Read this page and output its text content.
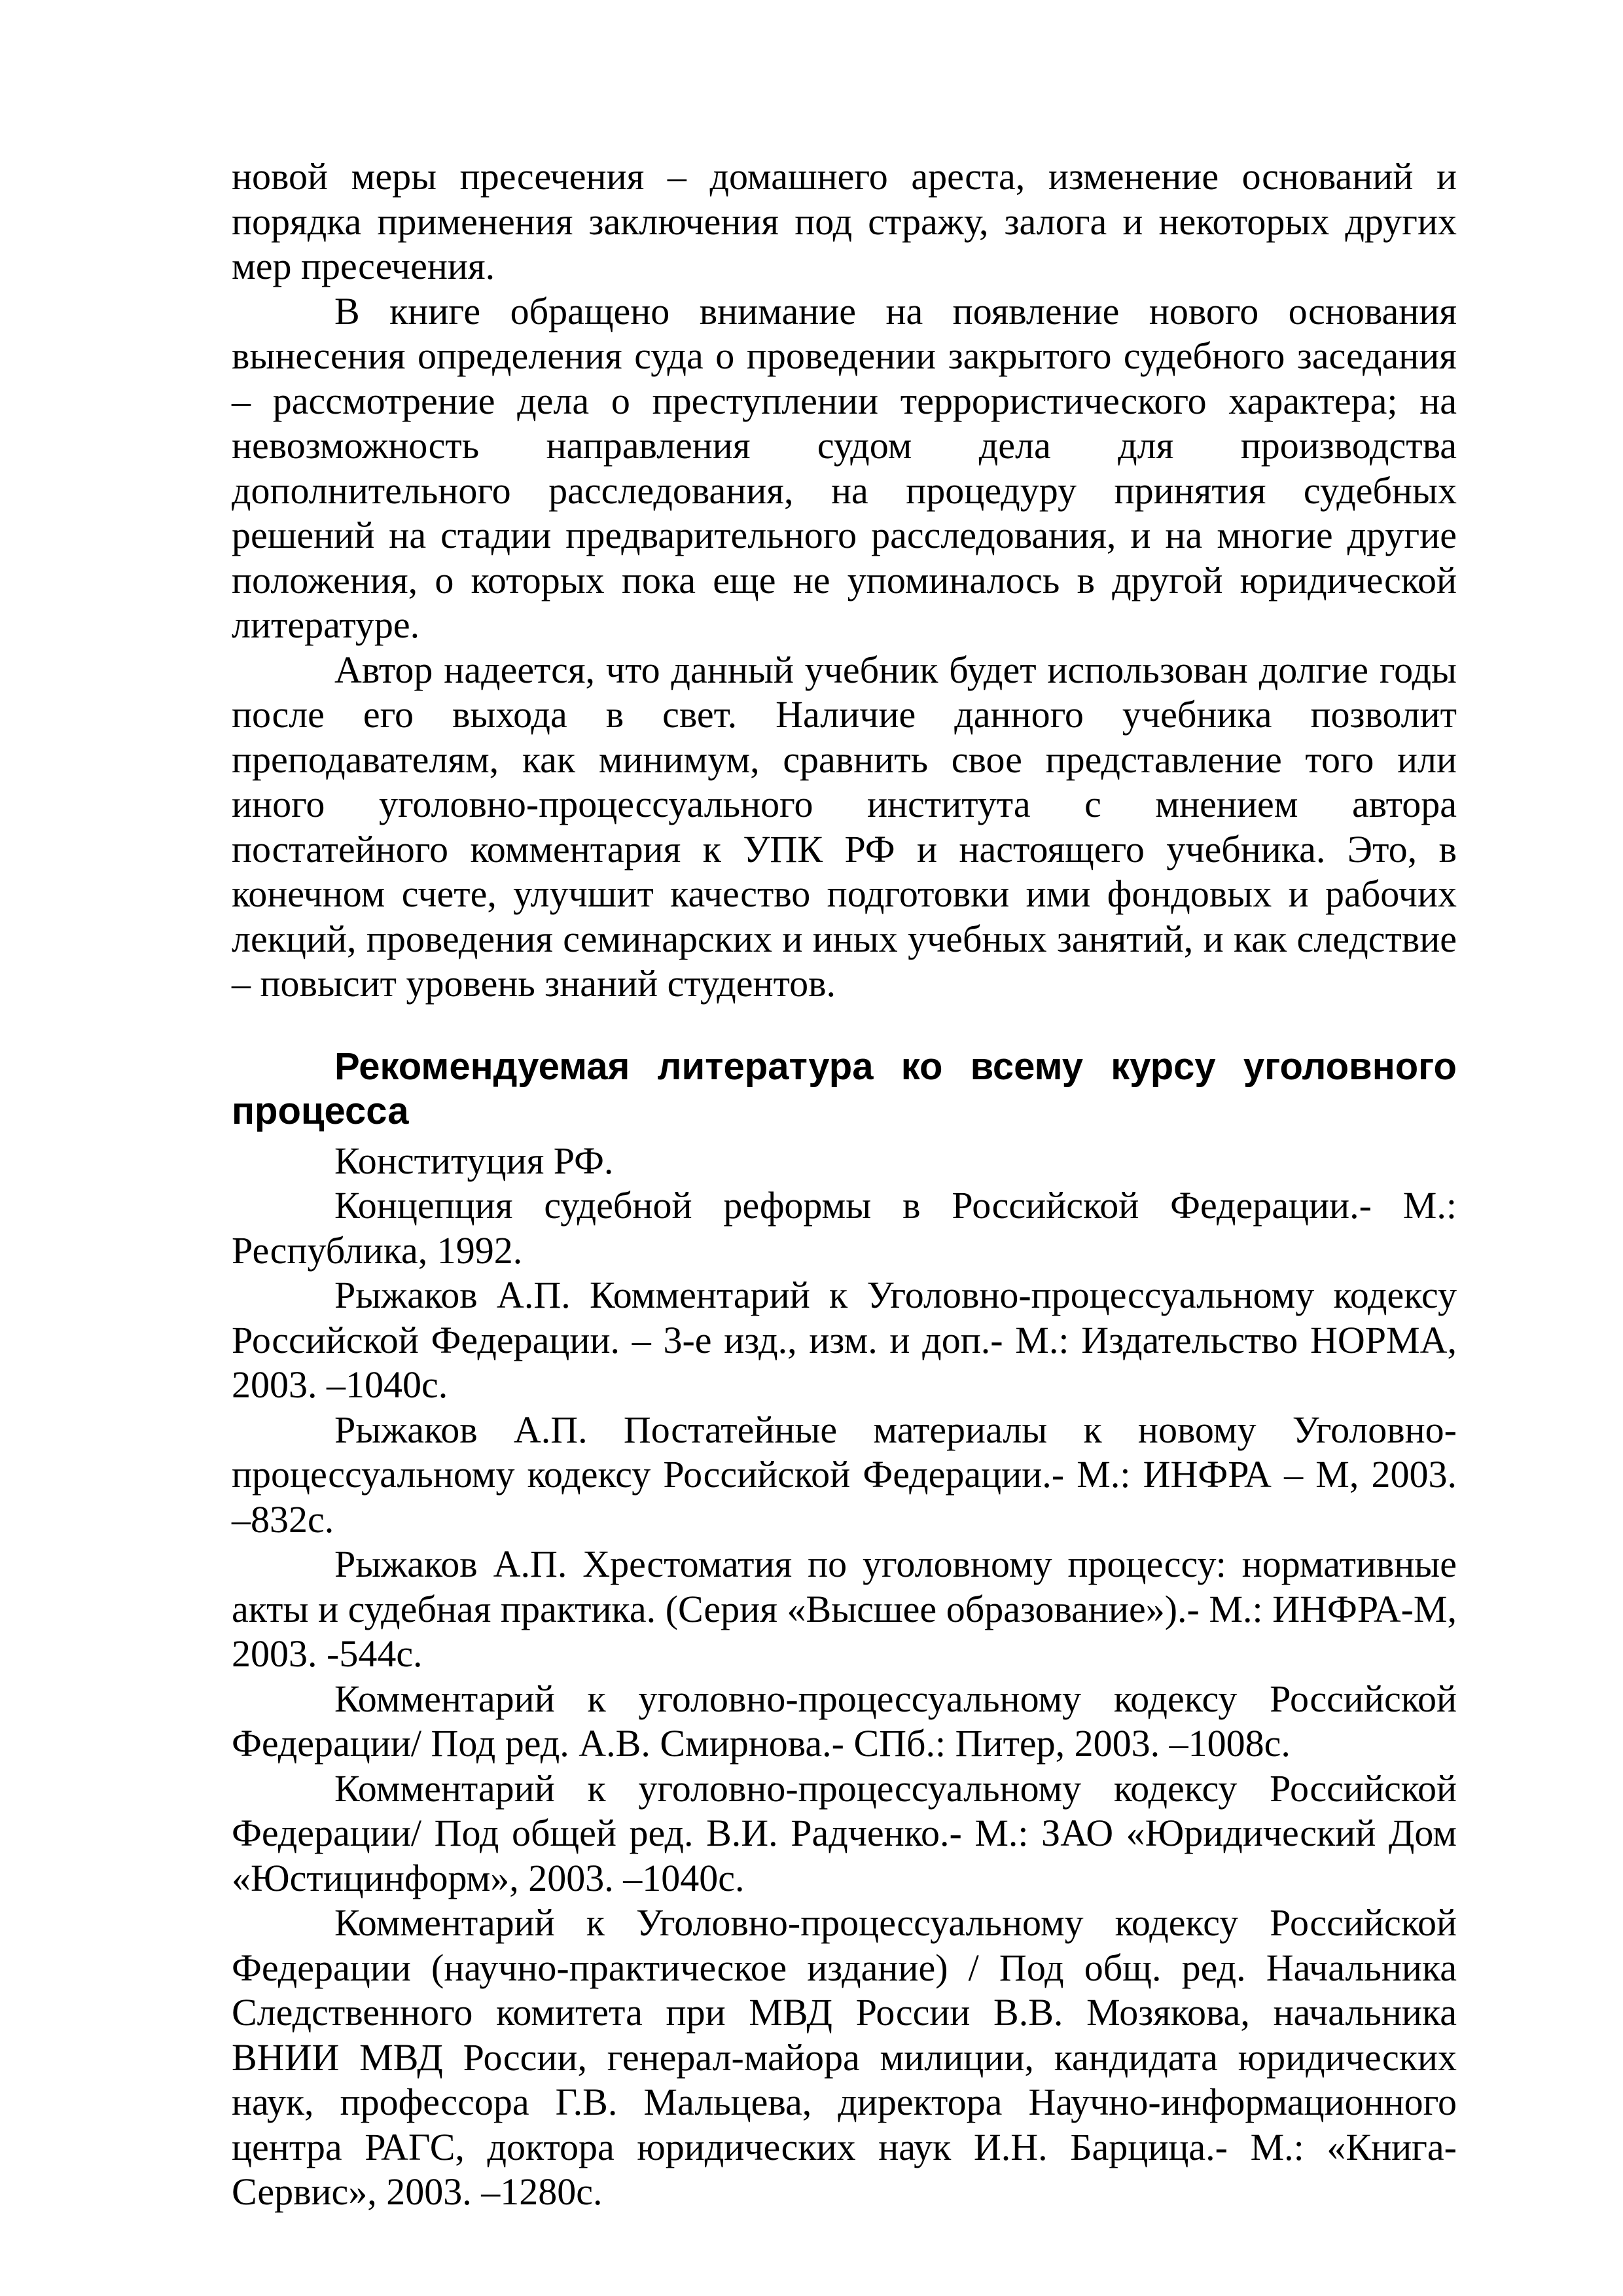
новой меры пресечения – домашнего ареста, изменение оснований и порядка применения заключения под стражу, залога и некоторых других мер пресечения.

В книге обращено внимание на появление нового основания вынесения определения суда о проведении закрытого судебного заседания – рассмотрение дела о преступлении террористического характера; на невозможность направления судом дела для производства дополнительного расследования, на процедуру принятия судебных решений на стадии предварительного расследования, и на многие другие положения, о которых пока еще не упоминалось в другой юридической литературе.

Автор надеется, что данный учебник будет использован долгие годы после его выхода в свет. Наличие данного учебника позволит преподавателям, как минимум, сравнить свое представление того или иного уголовно-процессуального института с мнением автора постатейного комментария к УПК РФ и настоящего учебника. Это, в конечном счете, улучшит качество подготовки ими фондовых и рабочих лекций, проведения семинарских и иных учебных занятий, и как следствие – повысит уровень знаний студентов.

Рекомендуемая литература ко всему курсу уголовного процесса

Конституция РФ.

Концепция судебной реформы в Российской Федерации.- М.: Республика, 1992.

Рыжаков А.П. Комментарий к Уголовно-процессуальному кодексу Российской Федерации. – 3-е изд., изм. и доп.- М.: Издательство НОРМА, 2003. –1040с.

Рыжаков А.П. Постатейные материалы к новому Уголовно-процессуальному кодексу Российской Федерации.- М.: ИНФРА – М, 2003. –832с.

Рыжаков А.П. Хрестоматия по уголовному процессу: нормативные акты и судебная практика. (Серия «Высшее образование»).- М.: ИНФРА-М, 2003. -544с.

Комментарий к уголовно-процессуальному кодексу Российской Федерации/ Под ред. А.В. Смирнова.- СПб.: Питер, 2003. –1008с.

Комментарий к уголовно-процессуальному кодексу Российской Федерации/ Под общей ред. В.И. Радченко.- М.: ЗАО «Юридический Дом «Юстицинформ», 2003. –1040с.

Комментарий к Уголовно-процессуальному кодексу Российской Федерации (научно-практическое издание) / Под общ. ред. Начальника Следственного комитета при МВД России В.В. Мозякова, начальника ВНИИ МВД России, генерал-майора милиции, кандидата юридических наук, профессора Г.В. Мальцева, директора Научно-информационного центра РАГС, доктора юридических наук И.Н. Барцица.- М.: «Книга-Сервис», 2003. –1280с.
